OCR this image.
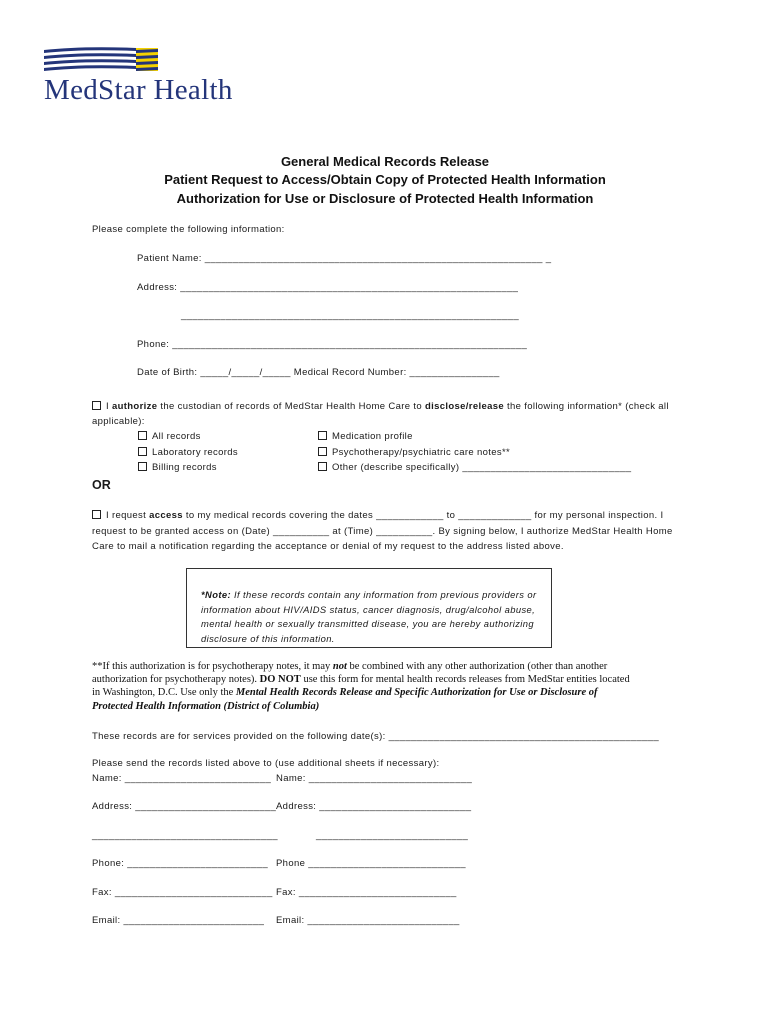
MedStar Health
General Medical Records Release
Patient Request to Access/Obtain Copy of Protected Health Information
Authorization for Use or Disclosure of Protected Health Information
Please complete the following information:
Patient Name: ____________________________________________________________ _
Address: ____________________________________________________________
____________________________________________________________
Phone: _______________________________________________________________
Date of Birth: _____/_____/_____ Medical Record Number: ________________
I authorize the custodian of records of MedStar Health Home Care to disclose/release the following information* (check all
applicable):
All records
Laboratory records
Billing records
Medication profile
Psychotherapy/psychiatric care notes**
Other (describe specifically) ______________________________
OR
I request access to my medical records covering the dates ____________ to _____________ for my personal inspection. I
request to be granted access on (Date) __________ at (Time) __________. By signing below, I authorize MedStar Health Home
Care to mail a notification regarding the acceptance or denial of my request to the address listed above.
*Note: If these records contain any information from previous providers or information about HIV/AIDS status, cancer diagnosis, drug/alcohol abuse, mental health or sexually transmitted disease, you are hereby authorizing disclosure of this information.
**If this authorization is for psychotherapy notes, it may not be combined with any other authorization (other than another
authorization for psychotherapy notes). DO NOT use this form for mental health records releases from MedStar entities located
in Washington, D.C. Use only the Mental Health Records Release and Specific Authorization for Use or Disclosure of
Protected Health Information (District of Columbia)
These records are for services provided on the following date(s): ________________________________________________
Please send the records listed above to (use additional sheets if necessary):
Name: __________________________ Name: _____________________________
Address: _________________________ Address: ___________________________
_________________________________	___________________________
Phone: _________________________ Phone ____________________________
Fax: ____________________________ Fax: ____________________________
Email: _________________________ Email: ___________________________
